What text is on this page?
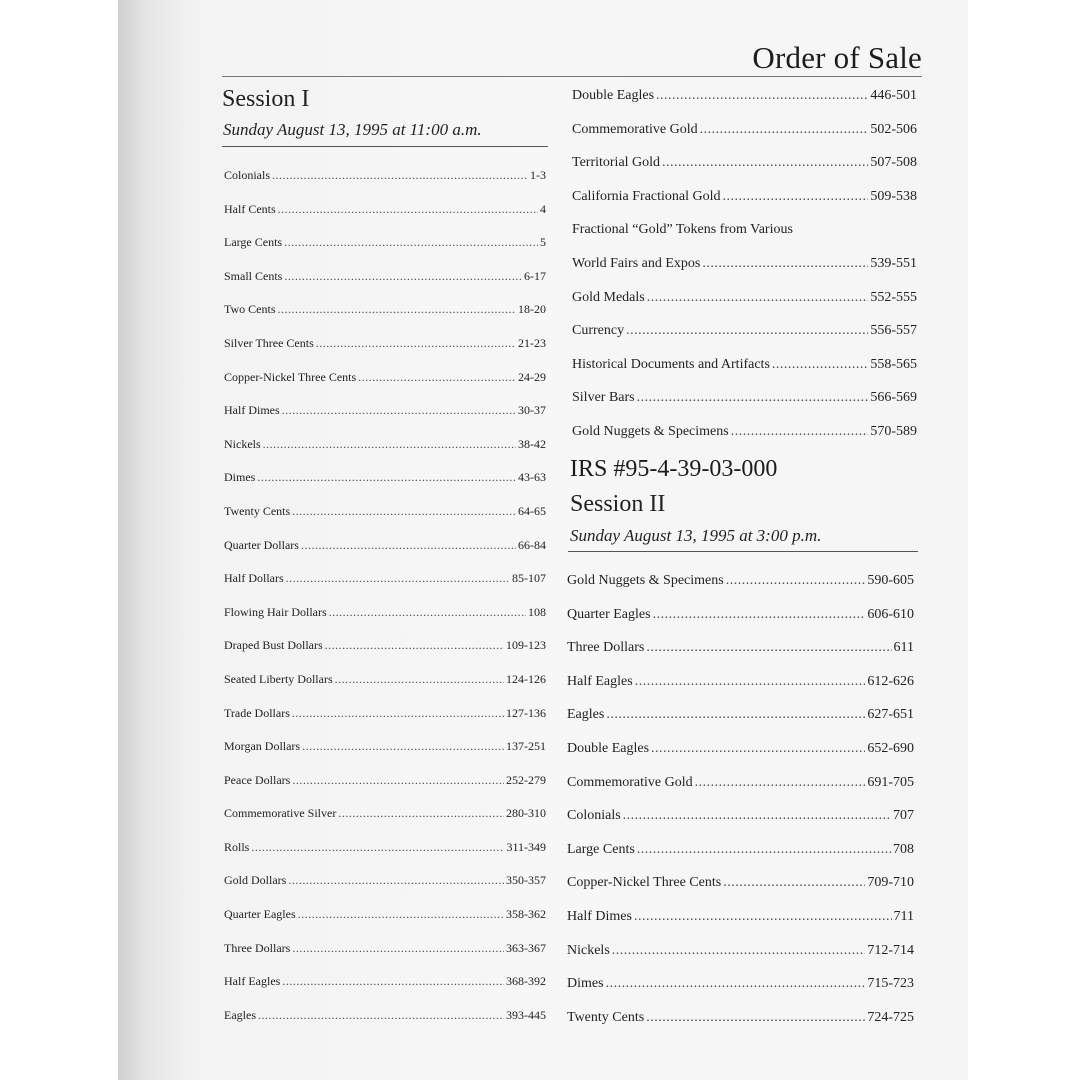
Order of Sale
Session I
Sunday August 13, 1995 at 11:00 a.m.
Colonials .....	1-3
Half Cents .....	4
Large Cents .....	5
Small Cents .....	6-17
Two Cents .....	18-20
Silver Three Cents .....	21-23
Copper-Nickel Three Cents .....	24-29
Half Dimes .....	30-37
Nickels .....	38-42
Dimes .....	43-63
Twenty Cents .....	64-65
Quarter Dollars .....	66-84
Half Dollars .....	85-107
Flowing Hair Dollars .....	108
Draped Bust Dollars .....	109-123
Seated Liberty Dollars .....	124-126
Trade Dollars .....	127-136
Morgan Dollars .....	137-251
Peace Dollars .....	252-279
Commemorative Silver .....	280-310
Rolls .....	311-349
Gold Dollars .....	350-357
Quarter Eagles .....	358-362
Three Dollars .....	363-367
Half Eagles .....	368-392
Eagles .....	393-445
Double Eagles .....	446-501
Commemorative Gold .....	502-506
Territorial Gold .....	507-508
California Fractional Gold .....	509-538
Fractional “Gold” Tokens from Various
World Fairs and Expos .....	539-551
Gold Medals .....	552-555
Currency .....	556-557
Historical Documents and Artifacts .....	558-565
Silver Bars .....	566-569
Gold Nuggets & Specimens .....	570-589
IRS #95-4-39-03-000
Session II
Sunday August 13, 1995 at 3:00 p.m.
Gold Nuggets & Specimens .....	590-605
Quarter Eagles .....	606-610
Three Dollars .....	611
Half Eagles .....	612-626
Eagles .....	627-651
Double Eagles .....	652-690
Commemorative Gold .....	691-705
Colonials .....	707
Large Cents .....	708
Copper-Nickel Three Cents .....	709-710
Half Dimes .....	711
Nickels .....	712-714
Dimes .....	715-723
Twenty Cents .....	724-725
